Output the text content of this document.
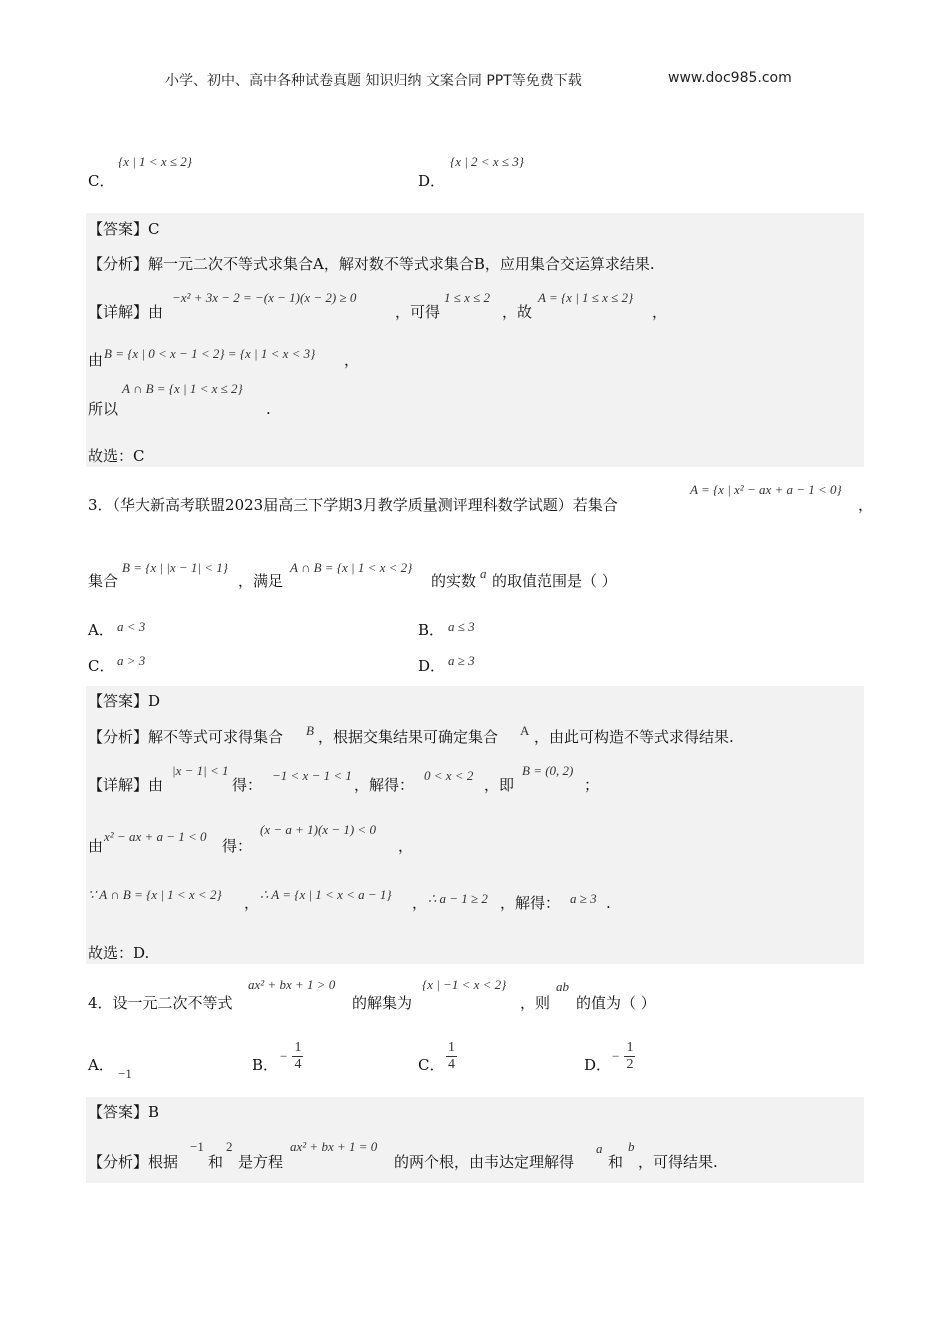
小学、初中、高中各种试卷真题 知识归纳 文案合同 PPT等免费下载	www.doc985.com
C．
{x | 1 < x ≤ 2}
D．
{x | 2 < x ≤ 3}
【答案】C
【分析】解一元二次不等式求集合A，解对数不等式求集合B，应用集合交运算求结果.
【详解】由
−x² + 3x − 2 = −(x − 1)(x − 2) ≥ 0
，可得
1 ≤ x ≤ 2
，故
A = {x | 1 ≤ x ≤ 2}
，
由 B = {x | 0 < x − 1 < 2} = {x | 1 < x < 3} ，
所以
A ∩ B = {x | 1 < x ≤ 2}
.
故选：C
3．（华大新高考联盟2023届高三下学期3月教学质量测评理科数学试题）若集合
A = {x | x² − ax + a − 1 < 0}
，
集合
B = {x | |x − 1| < 1}
，满足
A ∩ B = {x | 1 < x < 2}
的实数 a 的取值范围是（ ）
A． a < 3	B． a ≤ 3
C． a > 3	D． a ≥ 3
【答案】D
【分析】解不等式可求得集合 B ，根据交集结果可确定集合 A ，由此可构造不等式求得结果.
【详解】由
|x − 1| < 1
得：
−1 < x − 1 < 1
，解得：
0 < x < 2
，即
B = (0, 2)
；
由
x² − ax + a − 1 < 0
得：
(x − a + 1)(x − 1) < 0
，
∵ A ∩ B = {x | 1 < x < 2} ， ∴ A = {x | 1 < x < a − 1} ， ∴ a − 1 ≥ 2 ，解得： a ≥ 3 .
故选：D.
4．设一元二次不等式
ax² + bx + 1 > 0
的解集为
{x | −1 < x < 2}
，则
ab
的值为（ ）
A． −1	B． − $\frac{1}{4}$	C． $\frac{1}{4}$	D． − $\frac{1}{2}$
【答案】B
【分析】根据
−1
和
2
是方程
ax² + bx + 1 = 0
的两个根，由韦达定理解得
a
和
b
，可得结果.
